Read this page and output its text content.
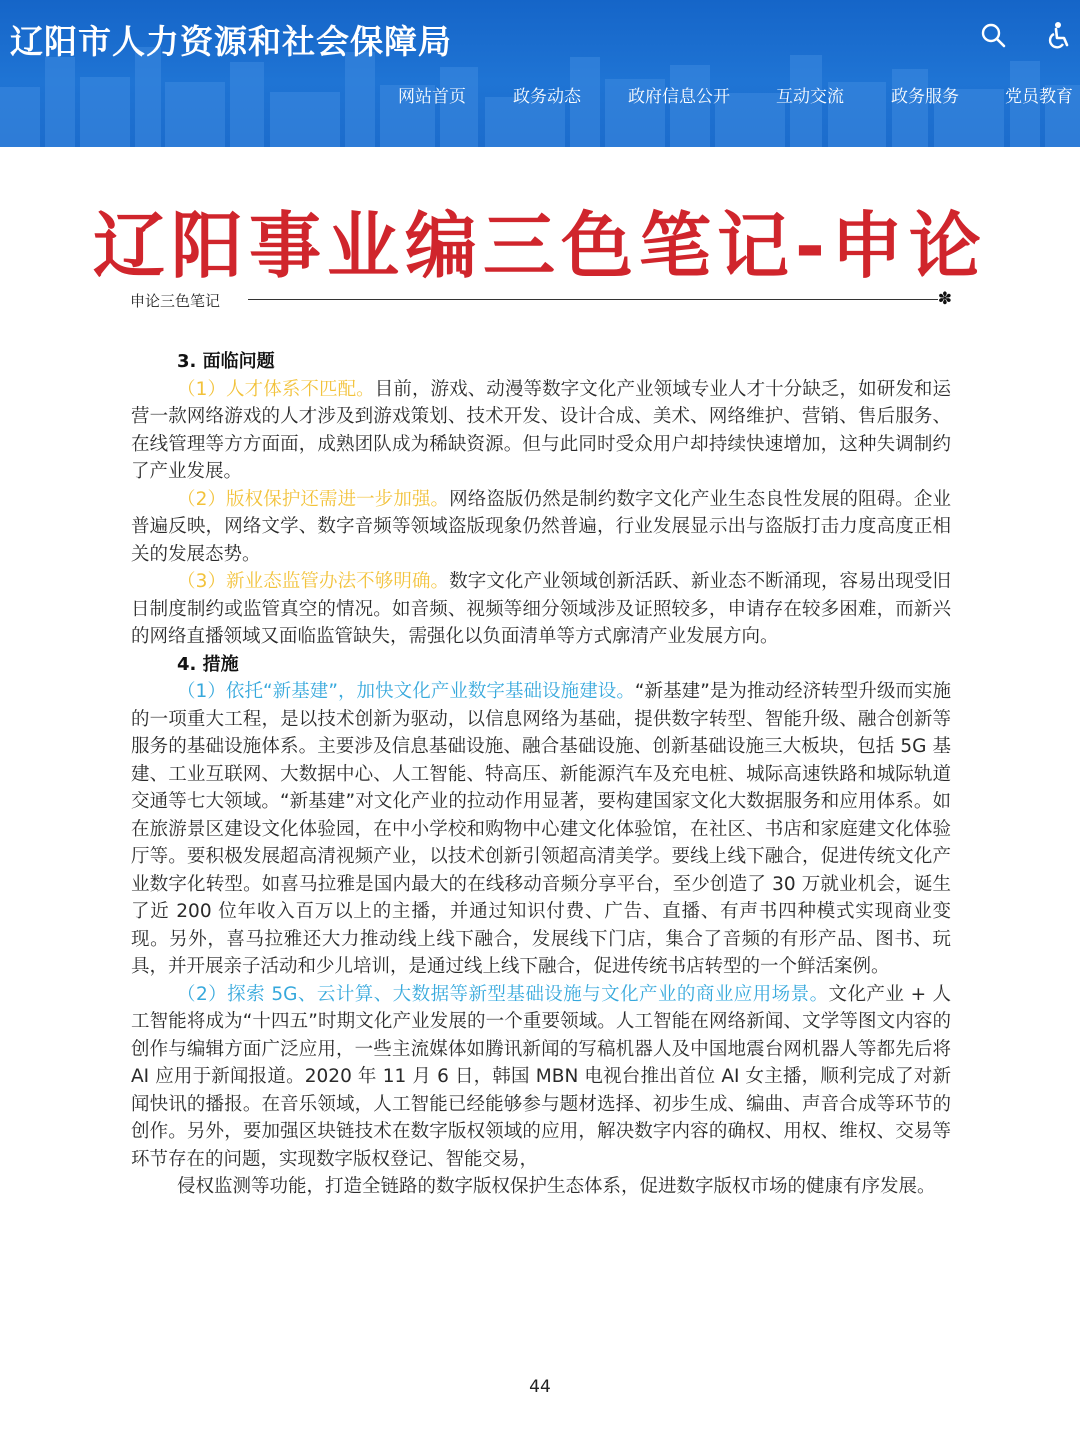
辽阳市人力资源和社会保障局
网站首页	政务动态	政府信息公开	互动交流	政务服务	党员教育
辽阳事业编三色笔记-申论
申论三色笔记	✽

3. 面临问题

（1）人才体系不匹配。目前，游戏、动漫等数字文化产业领域专业人才十分缺乏，如研发和运营一款网络游戏的人才涉及到游戏策划、技术开发、设计合成、美术、网络维护、营销、售后服务、在线管理等方方面面，成熟团队成为稀缺资源。但与此同时受众用户却持续快速增加，这种失调制约了产业发展。

（2）版权保护还需进一步加强。网络盗版仍然是制约数字文化产业生态良性发展的阻碍。企业普遍反映，网络文学、数字音频等领域盗版现象仍然普遍，行业发展显示出与盗版打击力度高度正相关的发展态势。

（3）新业态监管办法不够明确。数字文化产业领域创新活跃、新业态不断涌现，容易出现受旧日制度制约或监管真空的情况。如音频、视频等细分领域涉及证照较多，申请存在较多困难，而新兴的网络直播领域又面临监管缺失，需强化以负面清单等方式廓清产业发展方向。

4. 措施

（1）依托“新基建”，加快文化产业数字基础设施建设。“新基建”是为推动经济转型升级而实施的一项重大工程，是以技术创新为驱动，以信息网络为基础，提供数字转型、智能升级、融合创新等服务的基础设施体系。主要涉及信息基础设施、融合基础设施、创新基础设施三大板块，包括 5G 基建、工业互联网、大数据中心、人工智能、特高压、新能源汽车及充电桩、城际高速铁路和城际轨道交通等七大领域。“新基建”对文化产业的拉动作用显著，要构建国家文化大数据服务和应用体系。如在旅游景区建设文化体验园，在中小学校和购物中心建文化体验馆，在社区、书店和家庭建文化体验厅等。要积极发展超高清视频产业，以技术创新引领超高清美学。要线上线下融合，促进传统文化产业数字化转型。如喜马拉雅是国内最大的在线移动音频分享平台，至少创造了 30 万就业机会，诞生了近 200 位年收入百万以上的主播，并通过知识付费、广告、直播、有声书四种模式实现商业变现。另外，喜马拉雅还大力推动线上线下融合，发展线下门店，集合了音频的有形产品、图书、玩具，并开展亲子活动和少儿培训，是通过线上线下融合，促进传统书店转型的一个鲜活案例。

（2）探索 5G、云计算、大数据等新型基础设施与文化产业的商业应用场景。文化产业 + 人工智能将成为“十四五”时期文化产业发展的一个重要领域。人工智能在网络新闻、文学等图文内容的创作与编辑方面广泛应用，一些主流媒体如腾讯新闻的写稿机器人及中国地震台网机器人等都先后将 AI 应用于新闻报道。2020 年 11 月 6 日，韩国 MBN 电视台推出首位 AI 女主播，顺利完成了对新闻快讯的播报。在音乐领域，人工智能已经能够参与题材选择、初步生成、编曲、声音合成等环节的创作。另外，要加强区块链技术在数字版权领域的应用，解决数字内容的确权、用权、维权、交易等环节存在的问题，实现数字版权登记、智能交易，

侵权监测等功能，打造全链路的数字版权保护生态体系，促进数字版权市场的健康有序发展。

44
